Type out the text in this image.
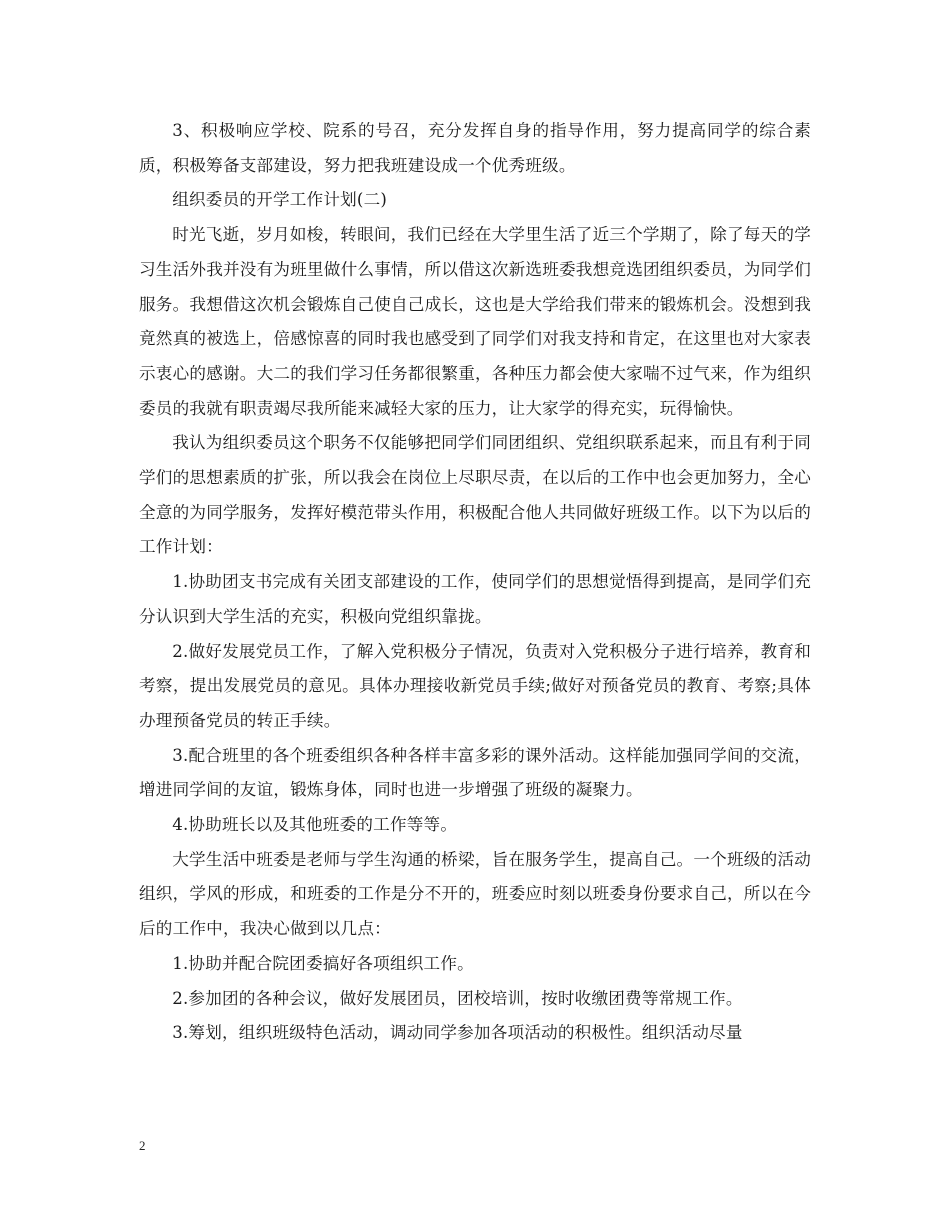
3、积极响应学校、院系的号召，充分发挥自身的指导作用，努力提高同学的综合素质，积极筹备支部建设，努力把我班建设成一个优秀班级。

组织委员的开学工作计划(二)

时光飞逝，岁月如梭，转眼间，我们已经在大学里生活了近三个学期了，除了每天的学习生活外我并没有为班里做什么事情，所以借这次新选班委我想竞选团组织委员，为同学们服务。我想借这次机会锻炼自己使自己成长，这也是大学给我们带来的锻炼机会。没想到我竟然真的被选上，倍感惊喜的同时我也感受到了同学们对我支持和肯定，在这里也对大家表示衷心的感谢。大二的我们学习任务都很繁重，各种压力都会使大家喘不过气来，作为组织委员的我就有职责竭尽我所能来减轻大家的压力，让大家学的得充实，玩得愉快。

我认为组织委员这个职务不仅能够把同学们同团组织、党组织联系起来，而且有利于同学们的思想素质的扩张，所以我会在岗位上尽职尽责，在以后的工作中也会更加努力，全心全意的为同学服务，发挥好模范带头作用，积极配合他人共同做好班级工作。以下为以后的工作计划：

1.协助团支书完成有关团支部建设的工作，使同学们的思想觉悟得到提高，是同学们充分认识到大学生活的充实，积极向党组织靠拢。

2.做好发展党员工作，了解入党积极分子情况，负责对入党积极分子进行培养，教育和考察，提出发展党员的意见。具体办理接收新党员手续;做好对预备党员的教育、考察;具体办理预备党员的转正手续。

3.配合班里的各个班委组织各种各样丰富多彩的课外活动。这样能加强同学间的交流，增进同学间的友谊，锻炼身体，同时也进一步增强了班级的凝聚力。

4.协助班长以及其他班委的工作等等。

大学生活中班委是老师与学生沟通的桥梁，旨在服务学生，提高自己。一个班级的活动组织，学风的形成，和班委的工作是分不开的，班委应时刻以班委身份要求自己，所以在今后的工作中，我决心做到以几点：

1.协助并配合院团委搞好各项组织工作。

2.参加团的各种会议，做好发展团员，团校培训，按时收缴团费等常规工作。

3.筹划，组织班级特色活动，调动同学参加各项活动的积极性。组织活动尽量

2
